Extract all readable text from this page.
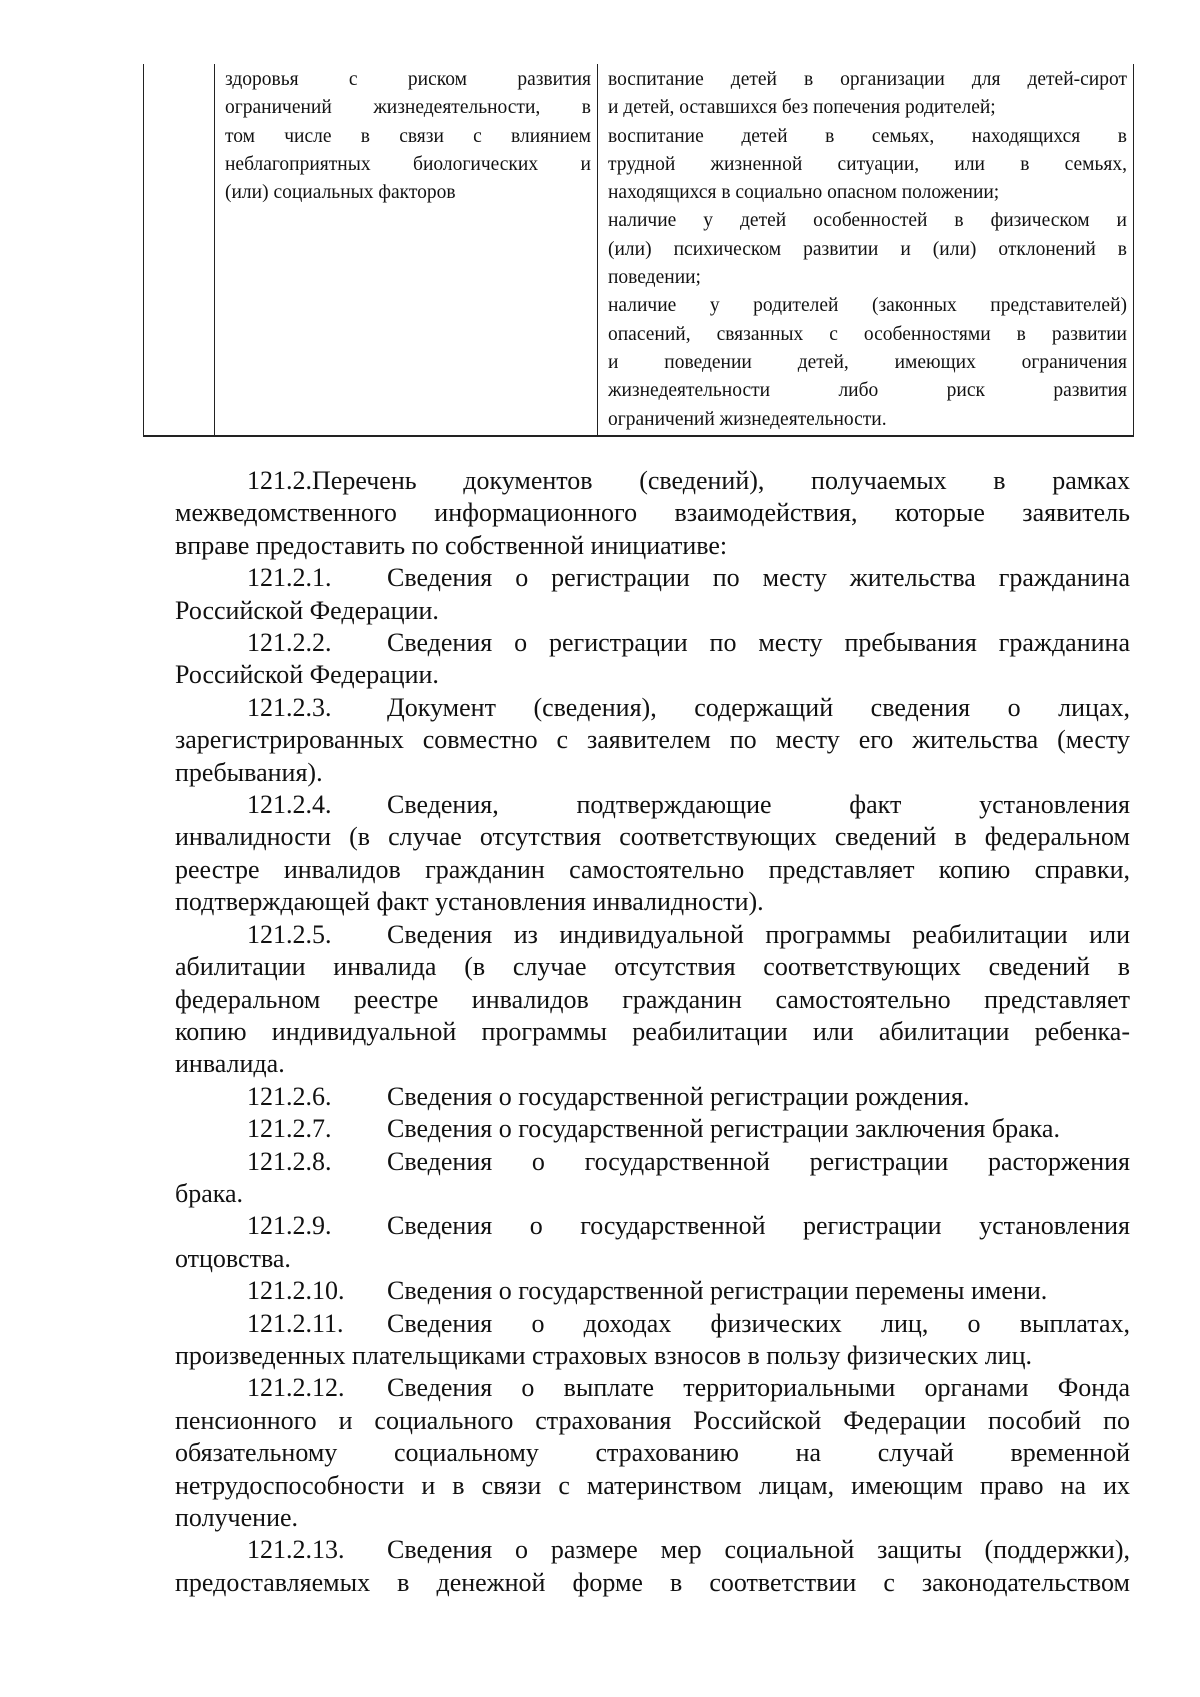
здоровья с риском развития
ограничений жизнедеятельности, в
том числе в связи с влиянием
неблагоприятных биологических и
(или) социальных факторов

воспитание детей в организации для детей-сирот
и детей, оставшихся без попечения родителей;
воспитание детей в семьях, находящихся в
трудной жизненной ситуации, или в семьях,
находящихся в социально опасном положении;
наличие у детей особенностей в физическом и
(или) психическом развитии и (или) отклонений в
поведении;
наличие у родителей (законных представителей)
опасений, связанных с особенностями в развитии
и поведении детей, имеющих ограничения
жизнедеятельности либо риск развития
ограничений жизнедеятельности.

121.2.Перечень документов (сведений), получаемых в рамках
межведомственного информационного взаимодействия, которые заявитель
вправе предоставить по собственной инициативе:

121.2.1. Сведения о регистрации по месту жительства гражданина
Российской Федерации.

121.2.2. Сведения о регистрации по месту пребывания гражданина
Российской Федерации.

121.2.3. Документ (сведения), содержащий сведения о лицах,
зарегистрированных совместно с заявителем по месту его жительства (месту
пребывания).

121.2.4. Сведения, подтверждающие факт установления
инвалидности (в случае отсутствия соответствующих сведений в федеральном
реестре инвалидов гражданин самостоятельно представляет копию справки,
подтверждающей факт установления инвалидности).

121.2.5. Сведения из индивидуальной программы реабилитации или
абилитации инвалида (в случае отсутствия соответствующих сведений в
федеральном реестре инвалидов гражданин самостоятельно представляет
копию индивидуальной программы реабилитации или абилитации ребенка-
инвалида.

121.2.6. Сведения о государственной регистрации рождения.

121.2.7. Сведения о государственной регистрации заключения брака.

121.2.8. Сведения о государственной регистрации расторжения
брака.

121.2.9. Сведения о государственной регистрации установления
отцовства.

121.2.10. Сведения о государственной регистрации перемены имени.

121.2.11. Сведения о доходах физических лиц, о выплатах,
произведенных плательщиками страховых взносов в пользу физических лиц.

121.2.12. Сведения о выплате территориальными органами Фонда
пенсионного и социального страхования Российской Федерации пособий по
обязательному социальному страхованию на случай временной
нетрудоспособности и в связи с материнством лицам, имеющим право на их
получение.

121.2.13. Сведения о размере мер социальной защиты (поддержки),
предоставляемых в денежной форме в соответствии с законодательством
